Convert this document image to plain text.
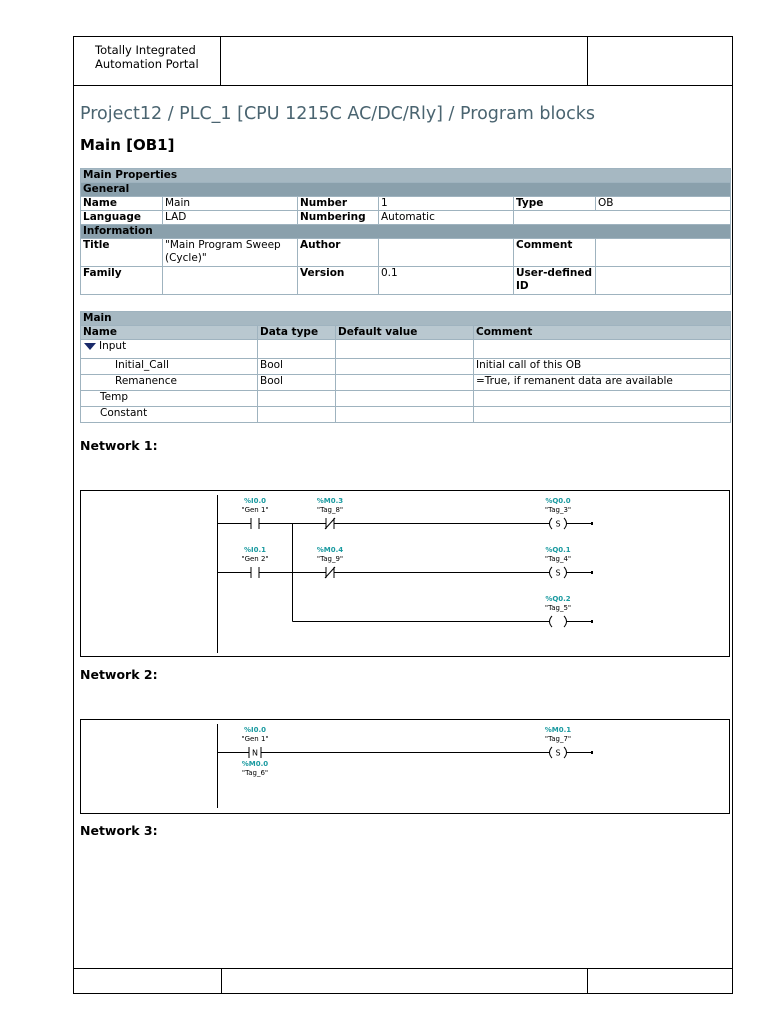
Totally Integrated
Automation Portal
Project12 / PLC_1 [CPU 1215C AC/DC/Rly] / Program blocks
Main [OB1]
Main Properties					
General					
Name	Main	Number	1	Type	OB
Language	LAD	Numbering	Automatic		
Information					
Title	"Main Program Sweep (Cycle)"	Author		Comment	
Family		Version	0.1	User-defined ID	
Main			
Name	Data type	Default value	Comment
Input			
Initial_Call	Bool		Initial call of this OB
Remanence	Bool		=True, if remanent data are available
Temp			
Constant			
Network 1:
S
S
%I0.0
"Gen 1"
%M0.3
"Tag_8"
%Q0.0
"Tag_3"
%I0.1
"Gen 2"
%M0.4
"Tag_9"
%Q0.1
"Tag_4"
%Q0.2
"Tag_5"
Network 2:
N	S
%I0.0
"Gen 1"
%M0.0
"Tag_6"
%M0.1
"Tag_7"
Network 3:
